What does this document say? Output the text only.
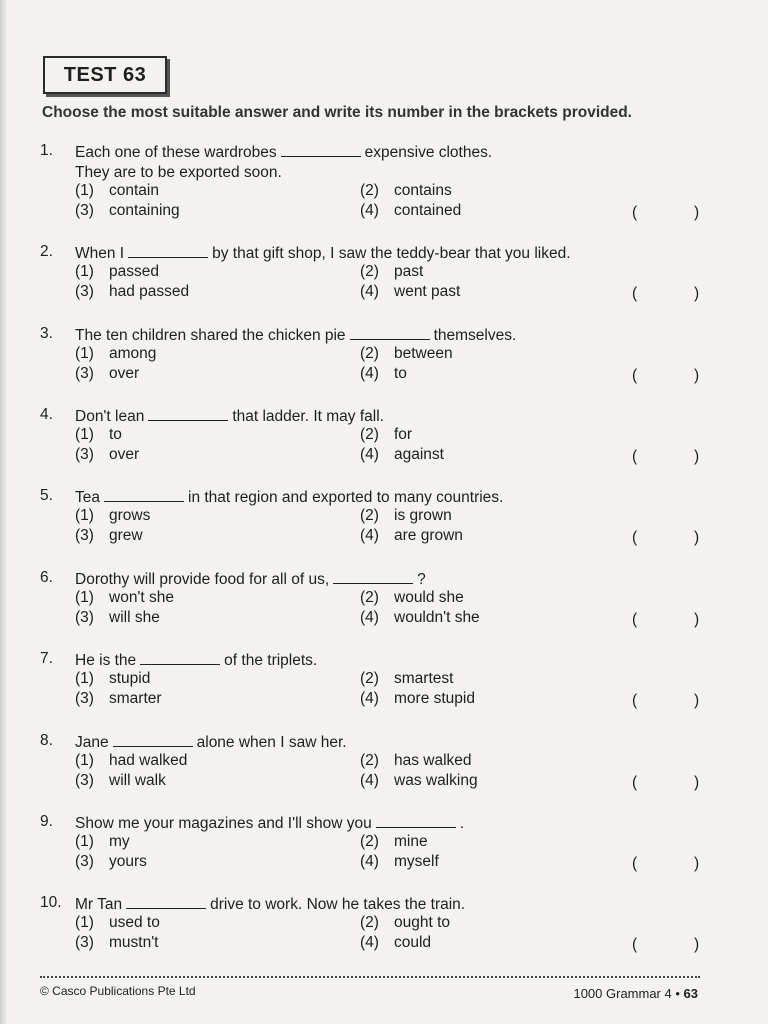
TEST 63
Choose the most suitable answer and write its number in the brackets provided.
1. Each one of these wardrobes	expensive clothes.
They are to be exported soon.
(1) contain	(2) contains
(3) containing	(4) contained	(	)
2. When I	by that gift shop, I saw the teddy-bear that you liked.
(1) passed	(2) past
(3) had passed	(4) went past	(	)
3. The ten children shared the chicken pie	themselves.
(1) among	(2) between
(3) over	(4) to	(	)
4. Don't lean	that ladder. It may fall.
(1) to	(2) for
(3) over	(4) against	(	)
5. Tea	in that region and exported to many countries.
(1) grows	(2) is grown
(3) grew	(4) are grown	(	)
6. Dorothy will provide food for all of us,	?
(1) won't she	(2) would she
(3) will she	(4) wouldn't she	(	)
7. He is the	of the triplets.
(1) stupid	(2) smartest
(3) smarter	(4) more stupid	(	)
8. Jane	alone when I saw her.
(1) had walked	(2) has walked
(3) will walk	(4) was walking	(	)
9. Show me your magazines and I'll show you	.
(1) my	(2) mine
(3) yours	(4) myself	(	)
10. Mr Tan	drive to work. Now he takes the train.
(1) used to	(2) ought to
(3) mustn't	(4) could	(	)
© Casco Publications Pte Ltd	1000 Grammar 4 • 63
